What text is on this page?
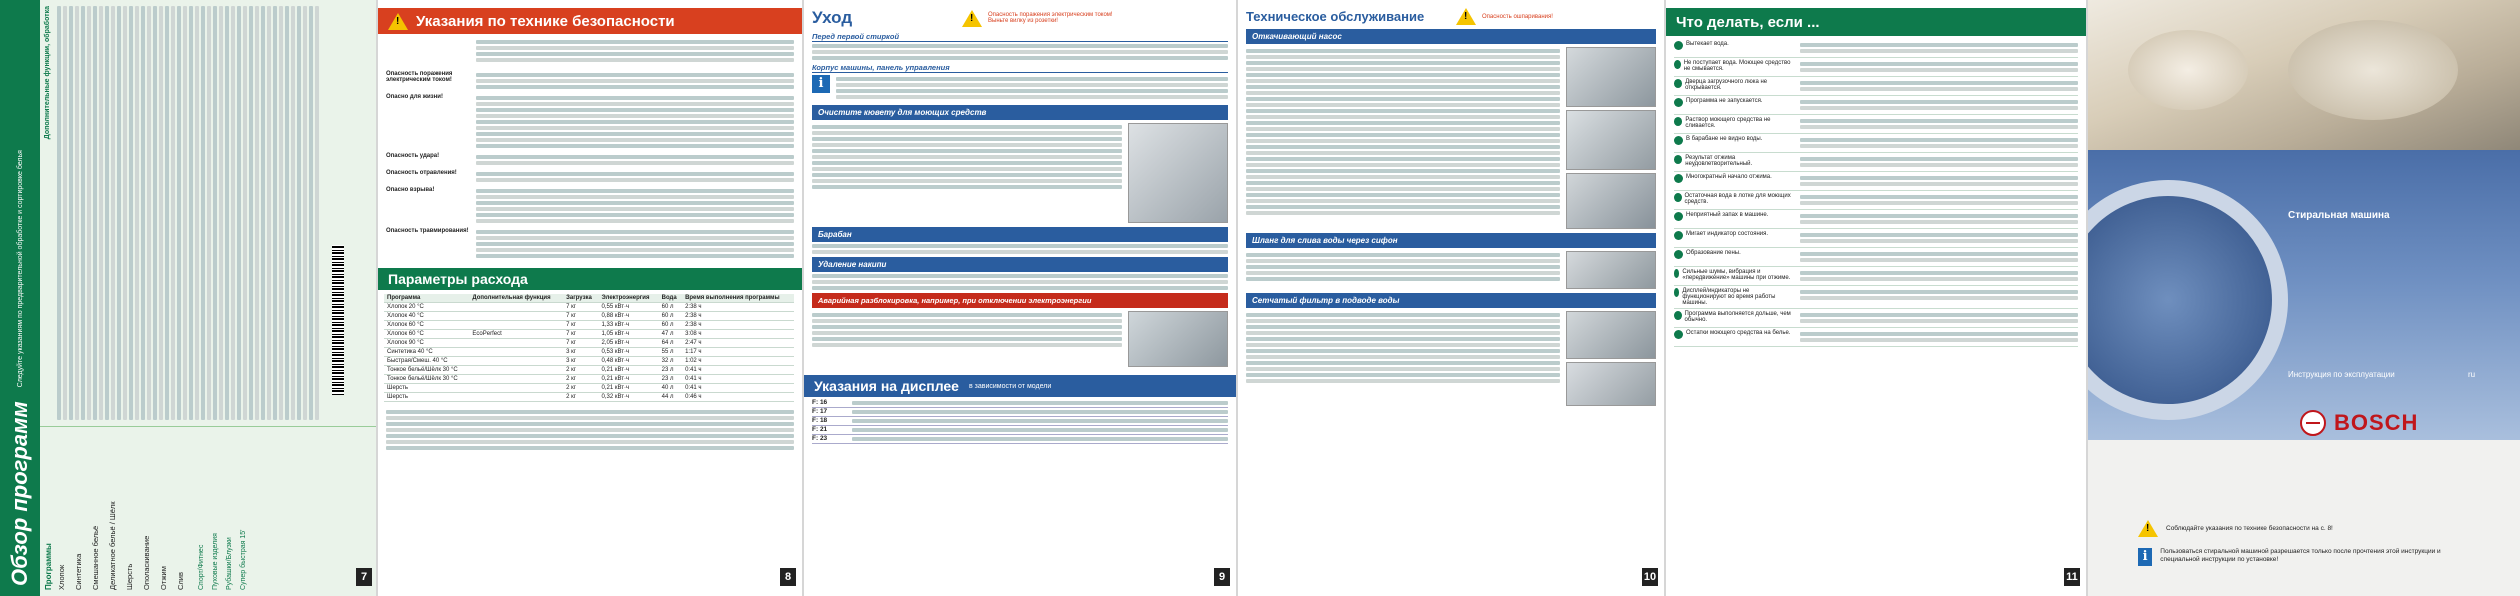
Обзор программ
Следуйте указаниям по предварительной обработке и сортировке белья
Программы Хлопок	Синтетика	Смешанное бельё	Деликатное бельё / Шёлк	Шерсть	Ополаскивание	Отжим	Слив	Спорт/Фитнес	Пуховые изделия	Рубашки/Блузки	Супер быстрая 15'
Дополнительные функции, обработка
7
! Указания по технике безопасности
Опасность поражения электрическим током!
Опасно для жизни!
Опасность удара!
Опасность отравления!
Опасно взрыва!
Опасность травмирования!
Параметры расхода
Программа	Дополнительная функция	Загрузка	Электроэнергия	Вода	Время выполнения программы
Хлопок 20 °C		7 кг	0,55 кВт·ч	60 л	2:38 ч
Хлопок 40 °C		7 кг	0,88 кВт·ч	60 л	2:38 ч
Хлопок 60 °C		7 кг	1,33 кВт·ч	60 л	2:38 ч
Хлопок 60 °C	EcoPerfect	7 кг	1,05 кВт·ч	47 л	3:08 ч
Хлопок 90 °C		7 кг	2,05 кВт·ч	64 л	2:47 ч
Синтетика 40 °C		3 кг	0,53 кВт·ч	55 л	1:17 ч
Быстрая/Смеш. 40 °C		3 кг	0,48 кВт·ч	32 л	1:02 ч
Тонкое бельё/Шёлк 30 °C		2 кг	0,21 кВт·ч	23 л	0:41 ч
Тонкое бельё/Шёлк 30 °C		2 кг	0,21 кВт·ч	23 л	0:41 ч
Шерсть		2 кг	0,21 кВт·ч	40 л	0:41 ч
Шерсть		2 кг	0,32 кВт·ч	44 л	0:46 ч
8
Уход	! Опасность поражения электрическим током! Выньте вилку из розетки!
Перед первой стиркой
Корпус машины, панель управления
i
Очистите кювету для моющих средств
Барабан
Удаление накипи
Аварийная разблокировка, например, при отключении электроэнергии
Указания на дисплее в зависимости от модели
F: 16
F: 17
F: 18
F: 21
F: 23
9
Техническое обслуживание	! Опасность ошпаривания!
Откачивающий насос
Шланг для слива воды через сифон
Сетчатый фильтр в подводе воды
10
Что делать, если ...
Вытекает вода.
Не поступает вода. Моющее средство не смывается.
Дверца загрузочного люка не открывается.
Программа не запускается.
Раствор моющего средства не сливается.
В барабане не видно воды.
Результат отжима неудовлетворительный.
Многократный начало отжима.
Остаточная вода в лотке для моющих средств.
Неприятный запах в машине.
Мигает индикатор состояния.
Образование пены.
Сильные шумы, вибрация и «передвижение» машины при отжиме.
Дисплей/индикаторы не функционируют во время работы машины.
Программа выполняется дольше, чем обычно.
Остатки моющего средства на белье.
11
Стиральная машина
Инструкция по эксплуатации	ru
BOSCH
!	Соблюдайте указания по технике безопасности на с. 8!
i	Пользоваться стиральной машиной разрешается только после прочтения этой инструкции и специальной инструкции по установке!
